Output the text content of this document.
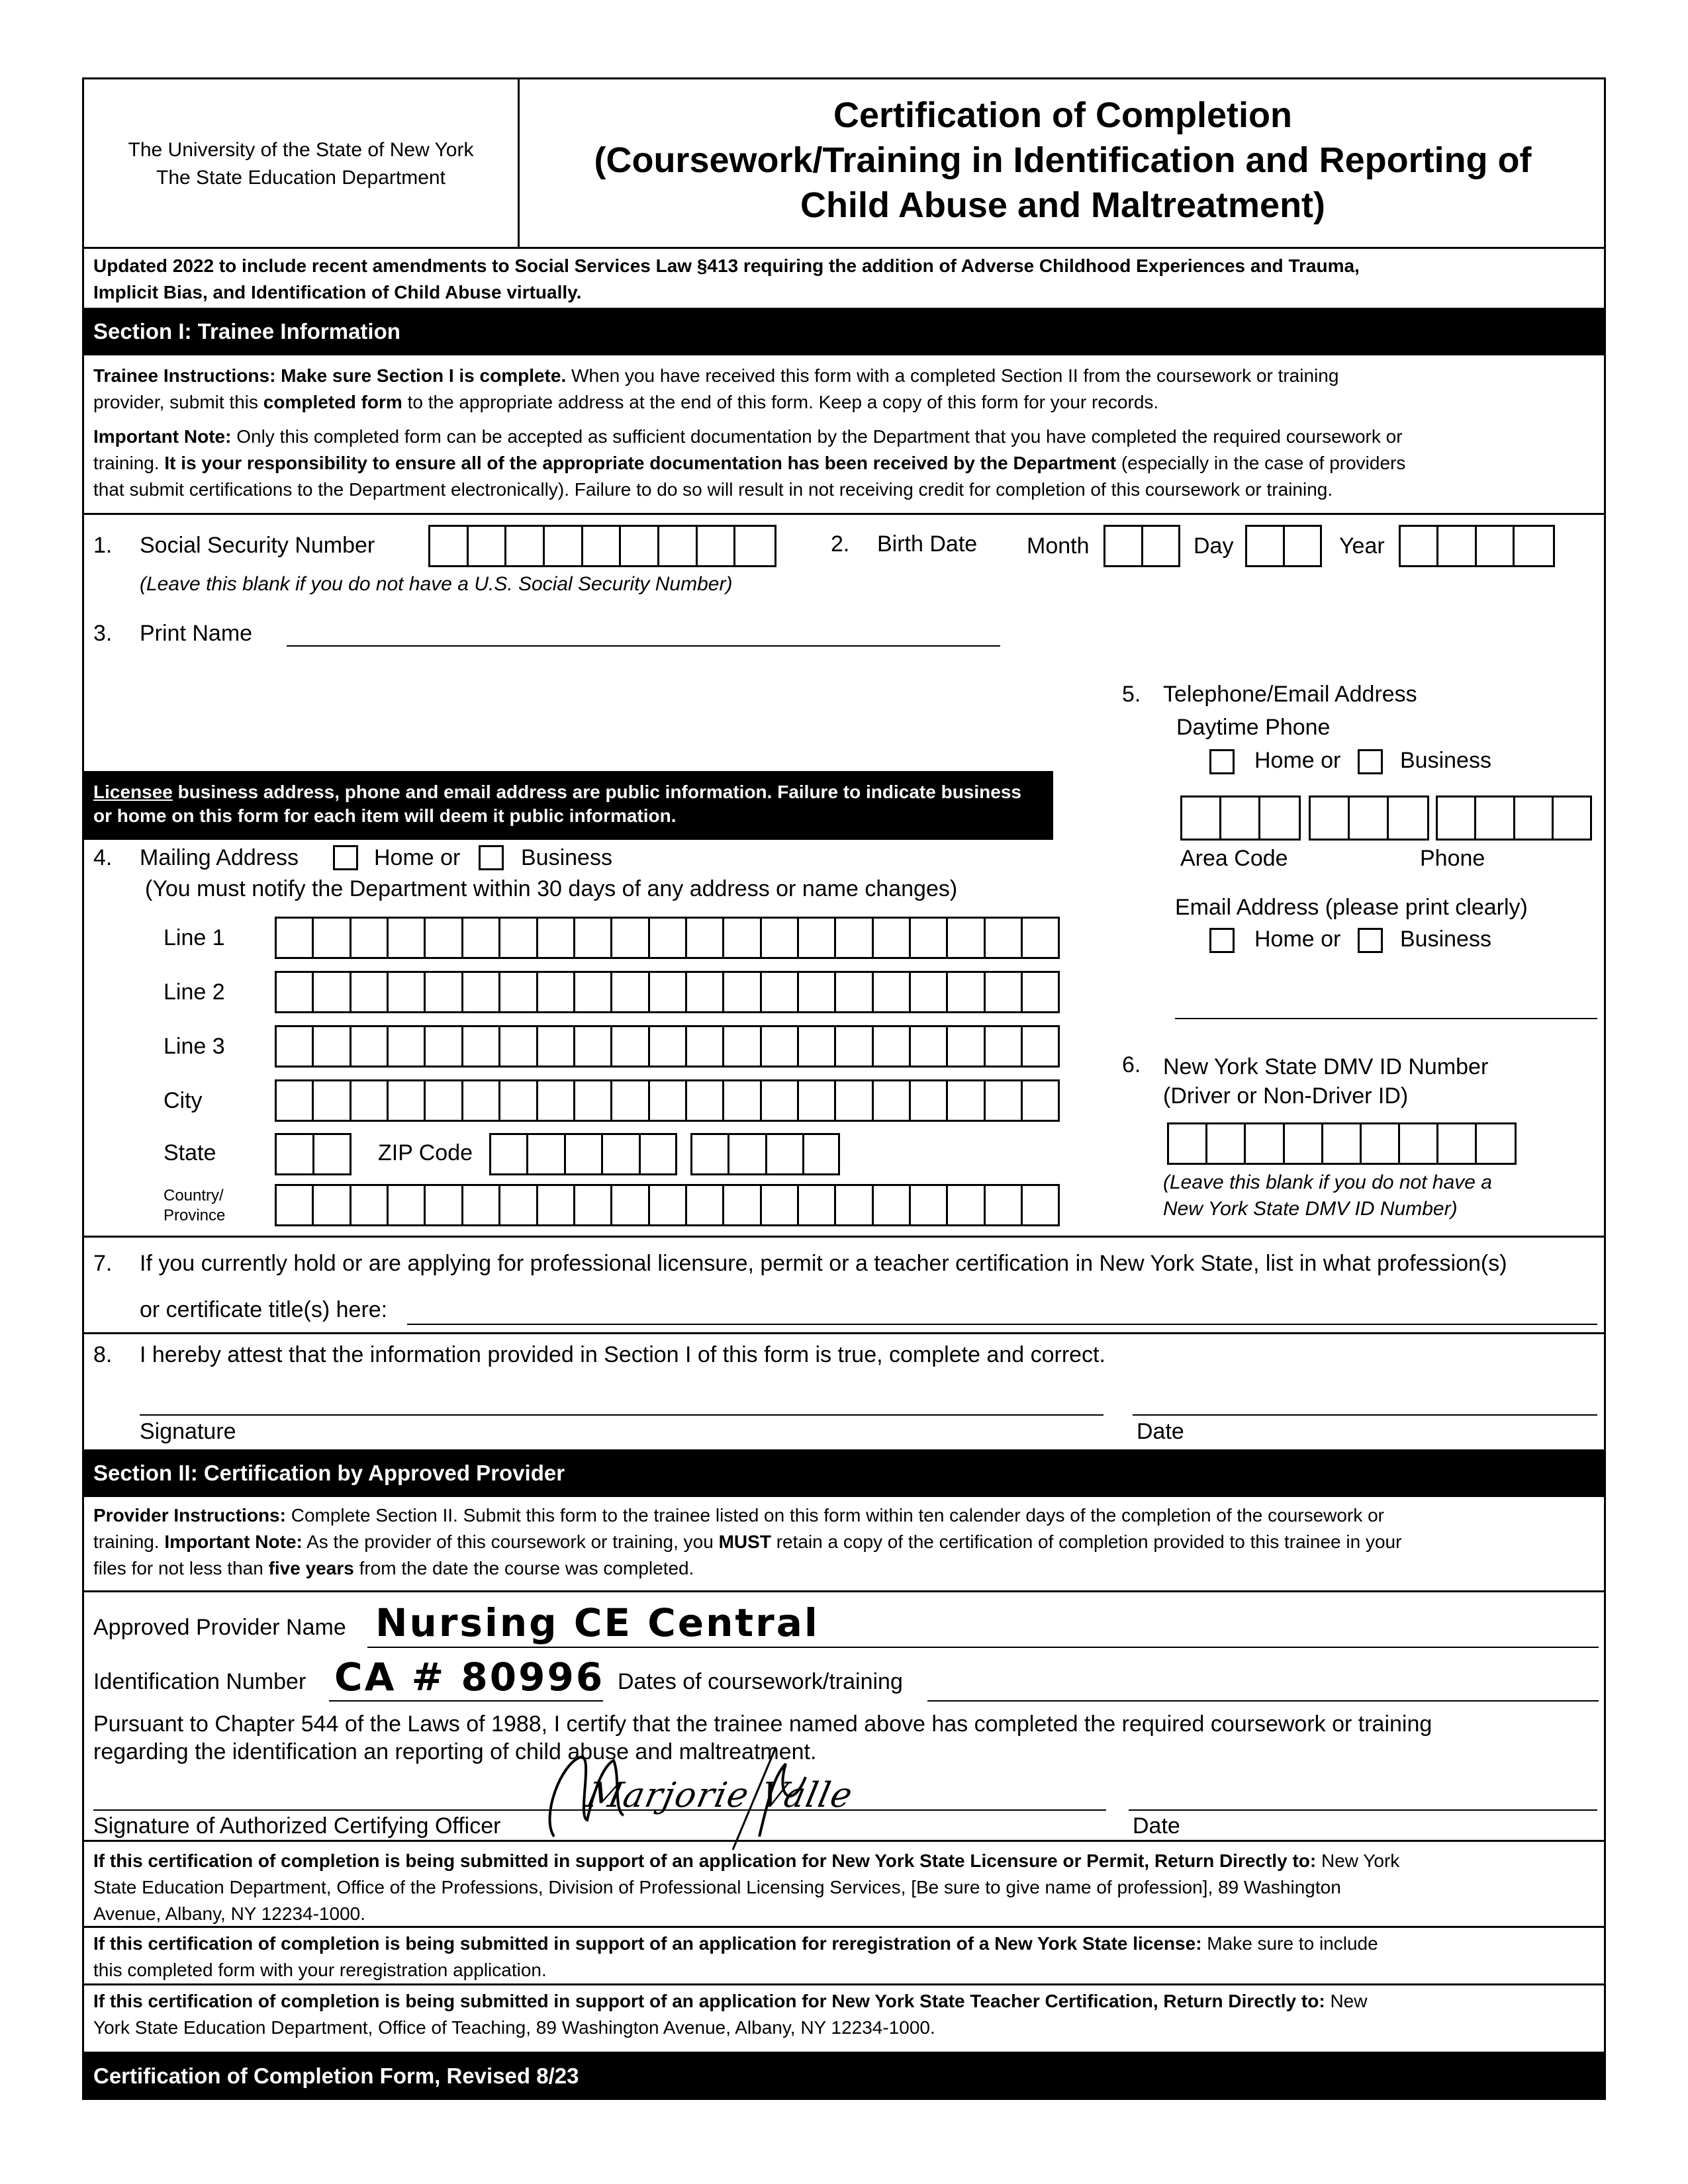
The University of the State of New York
The State Education Department
Certification of Completion
(Coursework/Training in Identification and Reporting of
Child Abuse and Maltreatment)
Updated 2022 to include recent amendments to Social Services Law §413 requiring the addition of Adverse Childhood Experiences and Trauma,
Implicit Bias, and Identification of Child Abuse virtually.
Section I: Trainee Information
Trainee Instructions: Make sure Section I is complete. When you have received this form with a completed Section II from the coursework or training
provider, submit this completed form to the appropriate address at the end of this form. Keep a copy of this form for your records.
Important Note: Only this completed form can be accepted as sufficient documentation by the Department that you have completed the required coursework or
training. It is your responsibility to ensure all of the appropriate documentation has been received by the Department (especially in the case of providers
that submit certifications to the Department electronically). Failure to do so will result in not receiving credit for completion of this coursework or training.
1. Social Security Number
(Leave this blank if you do not have a U.S. Social Security Number)
2. Birth Date Month	Day	Year
3. Print Name
Licensee business address, phone and email address are public information. Failure to indicate business
or home on this form for each item will deem it public information.
4. Mailing Address	Home or	Business
(You must notify the Department within 30 days of any address or name changes)
Line 1
Line 2
Line 3
City
State	ZIP Code
Country/
Province
5. Telephone/Email Address
Daytime Phone
Home or	Business
Area Code	Phone
Email Address (please print clearly)
Home or	Business
6. New York State DMV ID Number
(Driver or Non-Driver ID)
(Leave this blank if you do not have a
New York State DMV ID Number)
7. If you currently hold or are applying for professional licensure, permit or a teacher certification in New York State, list in what profession(s)
or certificate title(s) here:
8. I hereby attest that the information provided in Section I of this form is true, complete and correct.
Signature	Date
Section II: Certification by Approved Provider
Provider Instructions: Complete Section II. Submit this form to the trainee listed on this form within ten calender days of the completion of the coursework or
training. Important Note: As the provider of this coursework or training, you MUST retain a copy of the certification of completion provided to this trainee in your
files for not less than five years from the date the course was completed.
Approved Provider Name Nursing CE Central
Identification Number CA # 80996 Dates of coursework/training
Pursuant to Chapter 544 of the Laws of 1988, I certify that the trainee named above has completed the required coursework or training
regarding the identification an reporting of child abuse and maltreatment.
Signature of Authorized Certifying Officer	Date
Marjorie Valle
If this certification of completion is being submitted in support of an application for New York State Licensure or Permit, Return Directly to: New York
State Education Department, Office of the Professions, Division of Professional Licensing Services, [Be sure to give name of profession], 89 Washington
Avenue, Albany, NY 12234-1000.
If this certification of completion is being submitted in support of an application for reregistration of a New York State license: Make sure to include
this completed form with your reregistration application.
If this certification of completion is being submitted in support of an application for New York State Teacher Certification, Return Directly to: New
York State Education Department, Office of Teaching, 89 Washington Avenue, Albany, NY 12234-1000.
Certification of Completion Form, Revised 8/23
